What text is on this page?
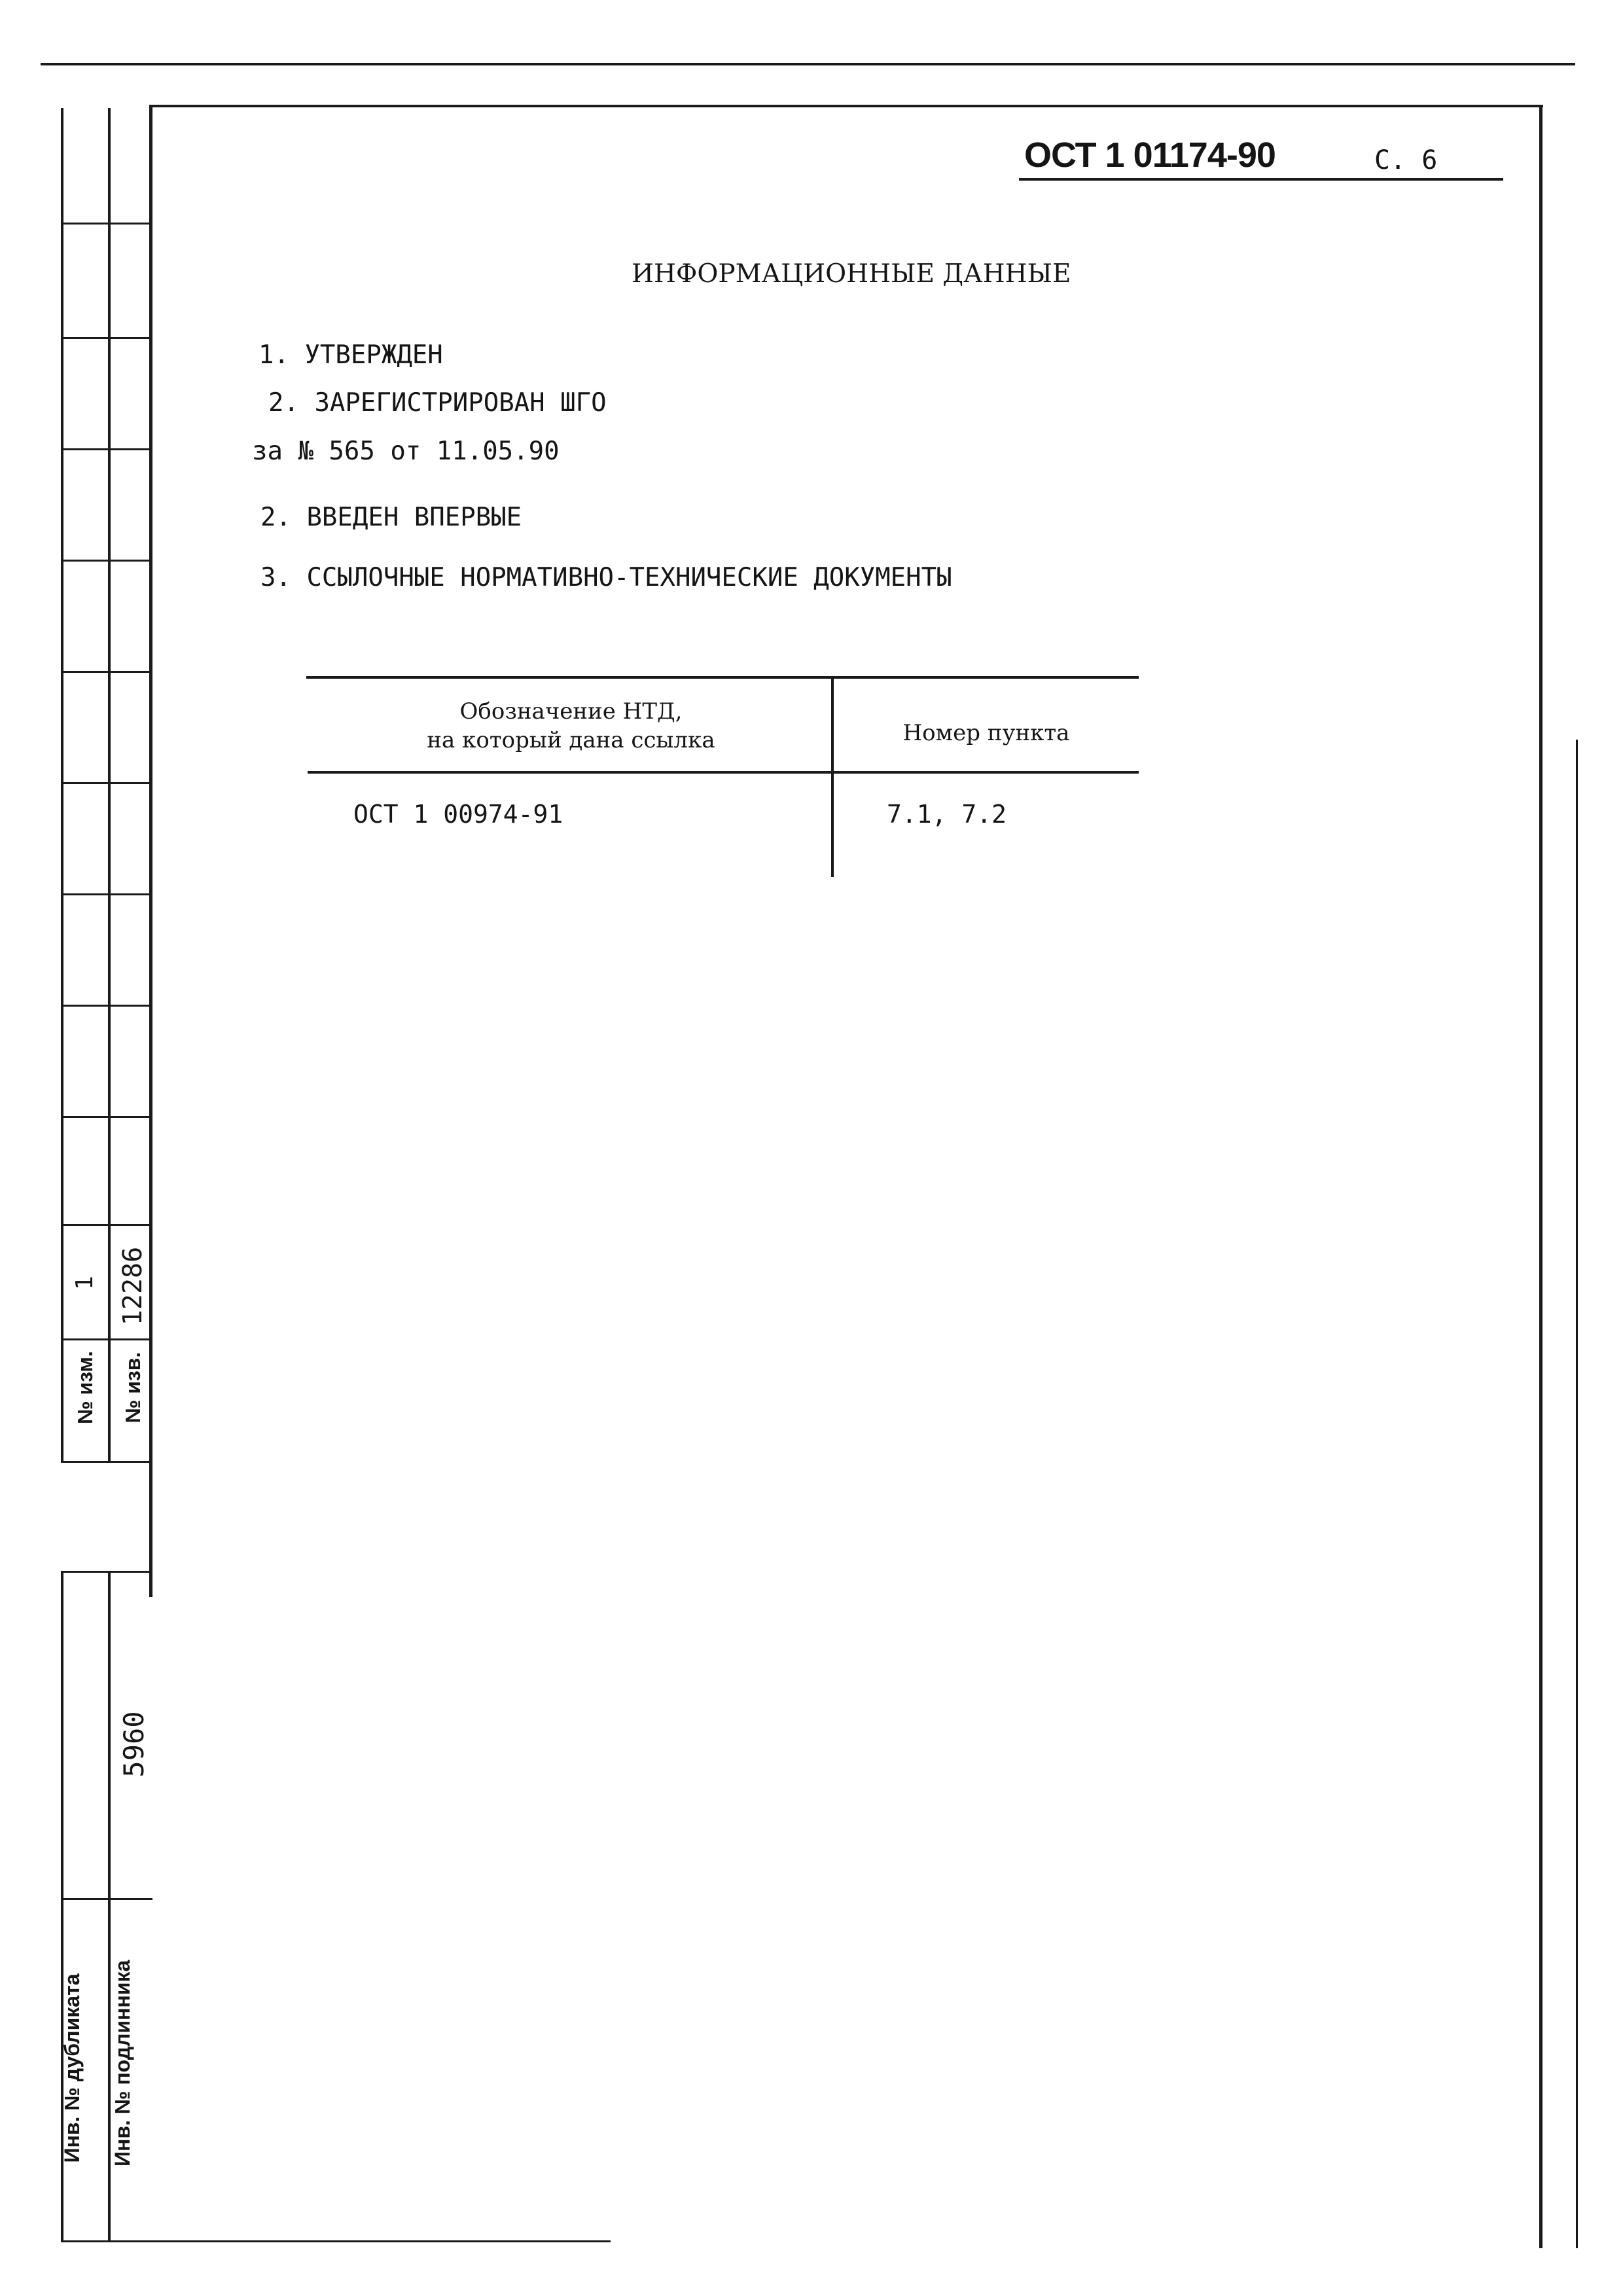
№ изм.
1
№ изв.
12286
Инв. № дубликата Инв. № подлинника
5960
ОСТ 1 01174-90	С. 6
ИНФОРМАЦИОННЫЕ ДАННЫЕ
1. УТВЕРЖДЕН
2. ЗАРЕГИСТРИРОВАН ШГО
за № 565 от 11.05.90
2. ВВЕДЕН ВПЕРВЫЕ
3. ССЫЛОЧНЫЕ НОРМАТИВНО-ТЕХНИЧЕСКИЕ ДОКУМЕНТЫ
Обозначение НТД,
на который дана ссылка	Номер пункта
ОСТ 1 00974-91	7.1, 7.2
